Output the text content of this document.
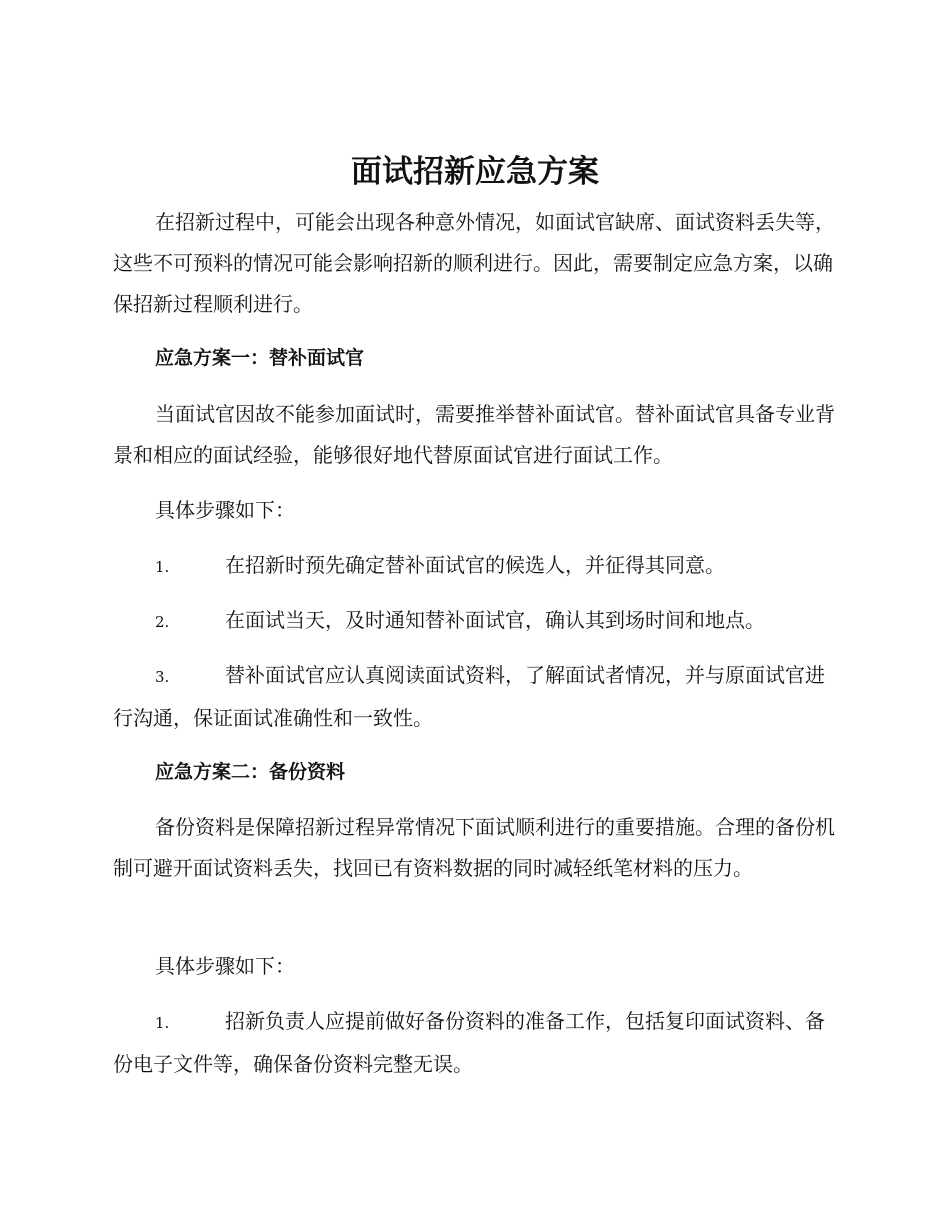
面试招新应急方案

在招新过程中，可能会出现各种意外情况，如面试官缺席、面试资料丢失等，这些不可预料的情况可能会影响招新的顺利进行。因此，需要制定应急方案，以确保招新过程顺利进行。

应急方案一：替补面试官

当面试官因故不能参加面试时，需要推举替补面试官。替补面试官具备专业背景和相应的面试经验，能够很好地代替原面试官进行面试工作。

具体步骤如下：

1.	在招新时预先确定替补面试官的候选人，并征得其同意。

2.	在面试当天，及时通知替补面试官，确认其到场时间和地点。

3.	替补面试官应认真阅读面试资料，了解面试者情况，并与原面试官进行沟通，保证面试准确性和一致性。

应急方案二：备份资料

备份资料是保障招新过程异常情况下面试顺利进行的重要措施。合理的备份机制可避开面试资料丢失，找回已有资料数据的同时减轻纸笔材料的压力。

具体步骤如下：

1.	招新负责人应提前做好备份资料的准备工作，包括复印面试资料、备份电子文件等，确保备份资料完整无误。
